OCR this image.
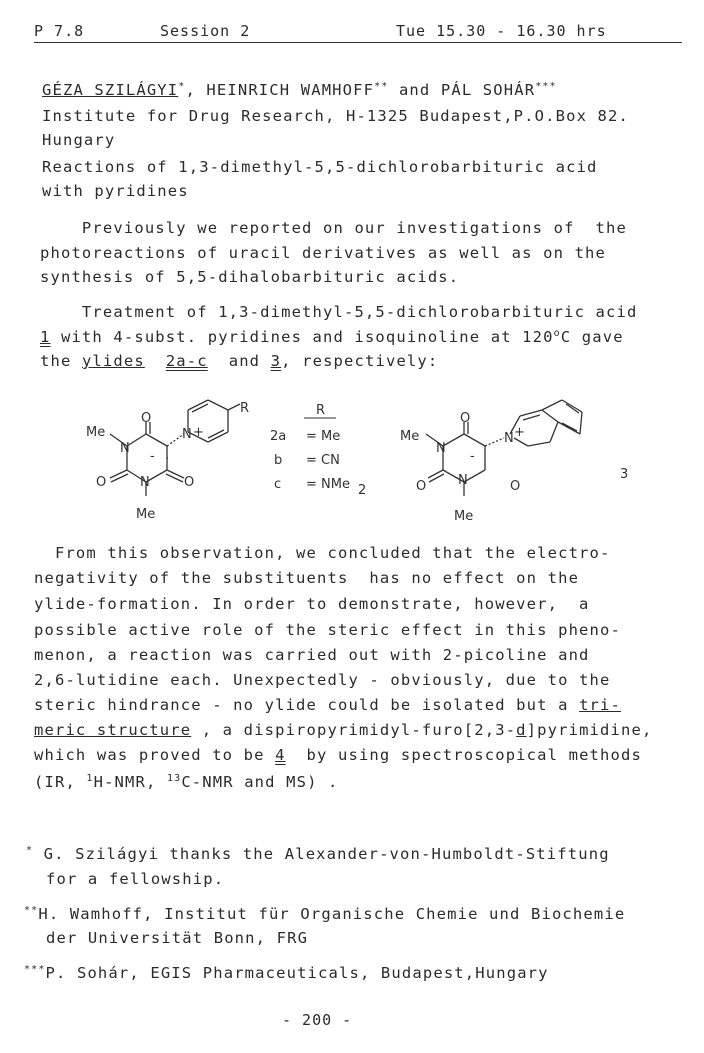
P 7.8	Session 2	Tue 15.30 - 16.30 hrs
GÉZA SZILÁGYI*, HEINRICH WAMHOFF** and PÁL SOHÁR***
Institute for Drug Research, H-1325 Budapest,P.O.Box 82.
Hungary
Reactions of 1,3-dimethyl-5,5-dichlorobarbituric acid
with pyridines
Previously we reported on our investigations of  the
photoreactions of uracil derivatives as well as on the
synthesis of 5,5-dihalobarbituric acids.
Treatment of 1,3-dimethyl-5,5-dichlorobarbituric acid
1 with 4-subst. pyridines and isoquinoline at 120$^o$C gave
the ylides 2a-c  and 3, respectively:
Me
N
O
-
O	N	O
Me
N +
R	R
2a = Me
b = CN
c = NMe 2
Me
N
O
-
O N	O
Me
N +
3
From this observation, we concluded that the electro-
negativity of the substituents  has no effect on the
ylide-formation. In order to demonstrate, however,  a
possible active role of the steric effect in this pheno-
menon, a reaction was carried out with 2-picoline and
2,6-lutidine each. Unexpectedly - obviously, due to the
steric hindrance - no ylide could be isolated but a tri-
meric structure , a dispiropyrimidyl-furo[2,3-d]pyrimidine,
which was proved to be 4  by using spectroscopical methods
(IR, $^1$H-NMR, $^{13}$C-NMR and MS) .
* G. Szilágyi thanks the Alexander-von-Humboldt-Stiftung
for a fellowship.
**H. Wamhoff, Institut für Organische Chemie und Biochemie
der Universität Bonn, FRG
***P. Sohár, EGIS Pharmaceuticals, Budapest,Hungary
- 200 -
